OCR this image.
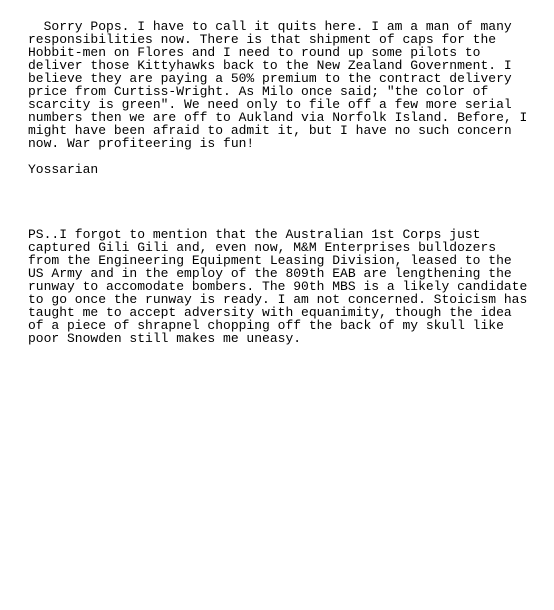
Sorry Pops. I have to call it quits here. I am a man of many
responsibilities now. There is that shipment of caps for the
Hobbit-men on Flores and I need to round up some pilots to
deliver those Kittyhawks back to the New Zealand Government. I
believe they are paying a 50% premium to the contract delivery
price from Curtiss-Wright. As Milo once said; "the color of
scarcity is green". We need only to file off a few more serial
numbers then we are off to Aukland via Norfolk Island. Before, I
might have been afraid to admit it, but I have no such concern
now. War profiteering is fun!
Yossarian
PS..I forgot to mention that the Australian 1st Corps just
captured Gili Gili and, even now, M&M Enterprises bulldozers
from the Engineering Equipment Leasing Division, leased to the
US Army and in the employ of the 809th EAB are lengthening the
runway to accomodate bombers. The 90th MBS is a likely candidate
to go once the runway is ready. I am not concerned. Stoicism has
taught me to accept adversity with equanimity, though the idea
of a piece of shrapnel chopping off the back of my skull like
poor Snowden still makes me uneasy.
